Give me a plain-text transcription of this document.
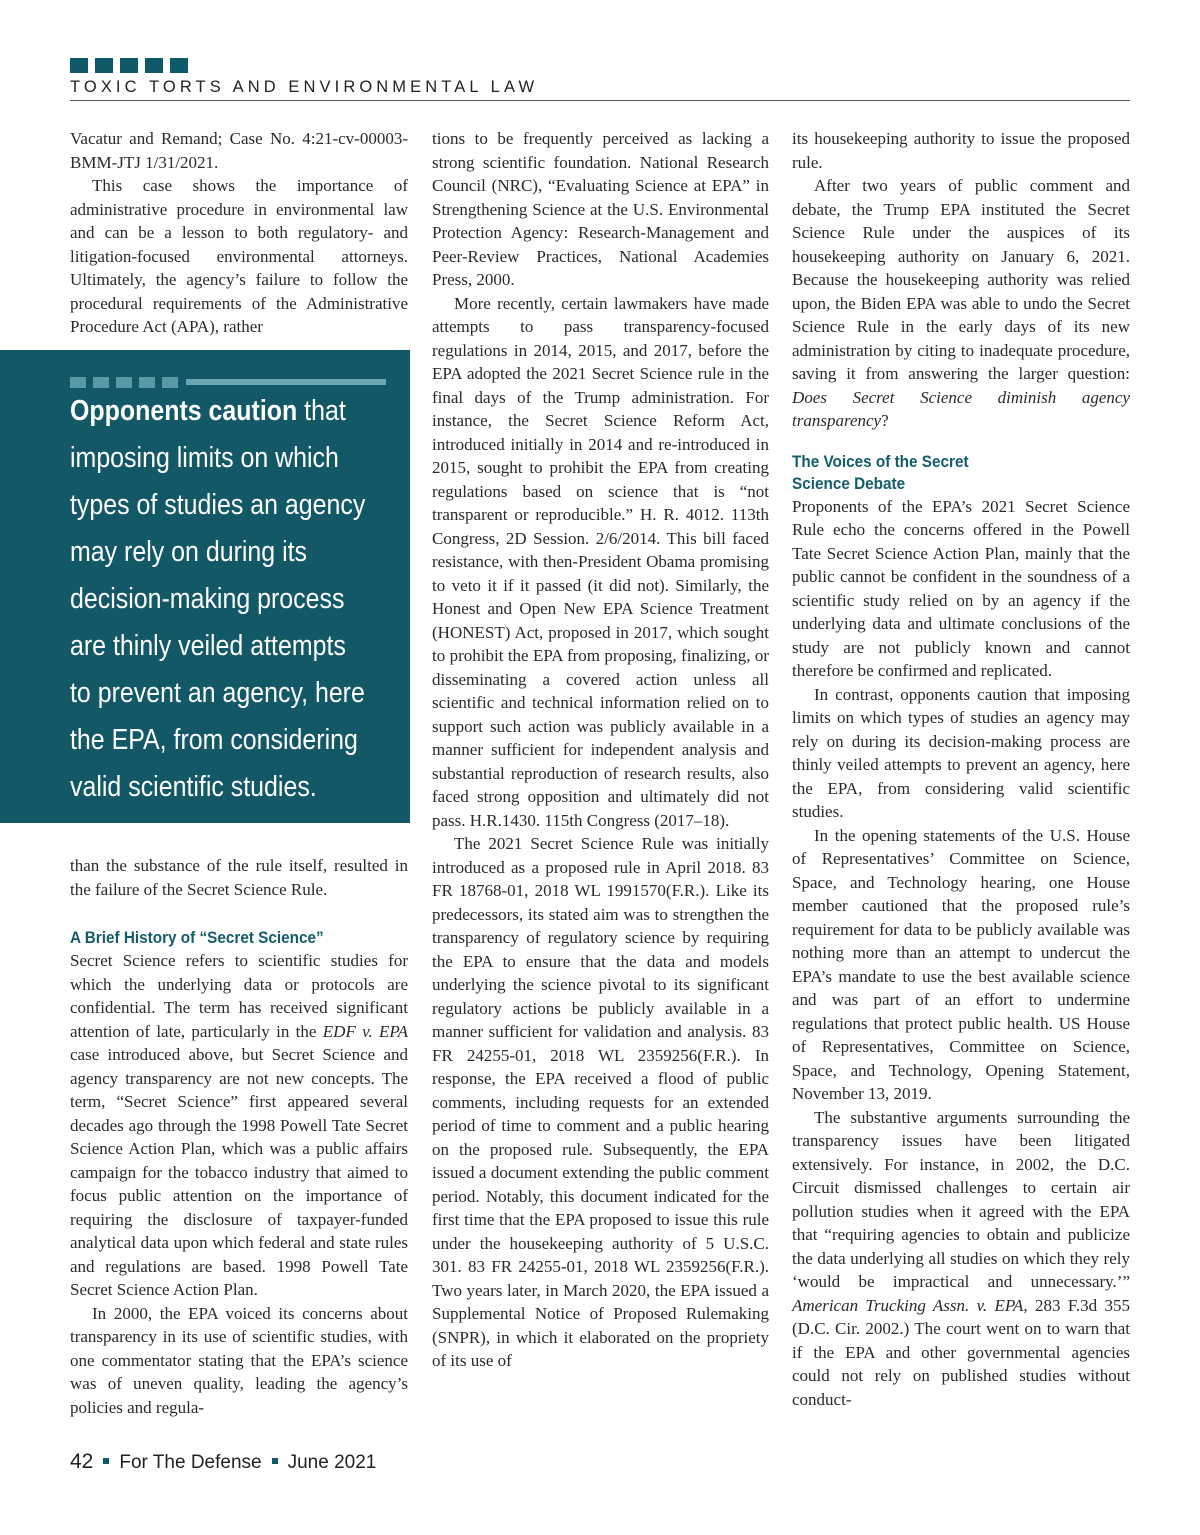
TOXIC TORTS AND ENVIRONMENTAL LAW

Vacatur and Remand; Case No. 4:21-cv-00003-BMM-JTJ 1/31/2021.

This case shows the importance of administrative procedure in environmental law and can be a lesson to both regulatory- and litigation-focused environmental attorneys. Ultimately, the agency’s failure to follow the procedural requirements of the Administrative Procedure Act (APA), rather

Opponents caution that
imposing limits on which
types of studies an agency
may rely on during its
decision-making process
are thinly veiled attempts
to prevent an agency, here
the EPA, from considering
valid scientific studies.

than the substance of the rule itself, resulted in the failure of the Secret Science Rule.

A Brief History of “Secret Science”

Secret Science refers to scientific studies for which the underlying data or protocols are confidential. The term has received significant attention of late, particularly in the EDF v. EPA case introduced above, but Secret Science and agency transparency are not new concepts. The term, “Secret Science” first appeared several decades ago through the 1998 Powell Tate Secret Science Action Plan, which was a public affairs campaign for the tobacco industry that aimed to focus public attention on the importance of requiring the disclosure of taxpayer-funded analytical data upon which federal and state rules and regulations are based. 1998 Powell Tate Secret Science Action Plan.

In 2000, the EPA voiced its concerns about transparency in its use of scientific studies, with one commentator stating that the EPA’s science was of uneven quality, leading the agency’s policies and regula-

tions to be frequently perceived as lacking a strong scientific foundation. National Research Council (NRC), “Evaluating Science at EPA” in Strengthening Science at the U.S. Environmental Protection Agency: Research-Management and Peer-Review Practices, National Academies Press, 2000.

More recently, certain lawmakers have made attempts to pass transparency-focused regulations in 2014, 2015, and 2017, before the EPA adopted the 2021 Secret Science rule in the final days of the Trump administration. For instance, the Secret Science Reform Act, introduced initially in 2014 and re-introduced in 2015, sought to prohibit the EPA from creating regulations based on science that is “not transparent or reproducible.” H. R. 4012. 113th Congress, 2D Session. 2/6/2014. This bill faced resistance, with then-President Obama promising to veto it if it passed (it did not). Similarly, the Honest and Open New EPA Science Treatment (HONEST) Act, proposed in 2017, which sought to prohibit the EPA from proposing, finalizing, or disseminating a covered action unless all scientific and technical information relied on to support such action was publicly available in a manner sufficient for independent analysis and substantial reproduction of research results, also faced strong opposition and ultimately did not pass. H.R.1430. 115th Congress (2017–18).

The 2021 Secret Science Rule was initially introduced as a proposed rule in April 2018. 83 FR 18768-01, 2018 WL 1991570(F.R.). Like its predecessors, its stated aim was to strengthen the transparency of regulatory science by requiring the EPA to ensure that the data and models underlying the science pivotal to its significant regulatory actions be publicly available in a manner sufficient for validation and analysis. 83 FR 24255-01, 2018 WL 2359256(F.R.). In response, the EPA received a flood of public comments, including requests for an extended period of time to comment and a public hearing on the proposed rule. Subsequently, the EPA issued a document extending the public comment period. Notably, this document indicated for the first time that the EPA proposed to issue this rule under the housekeeping authority of 5 U.S.C. 301. 83 FR 24255-01, 2018 WL 2359256(F.R.). Two years later, in March 2020, the EPA issued a Supplemental Notice of Proposed Rulemaking (SNPR), in which it elaborated on the propriety of its use of

its housekeeping authority to issue the proposed rule.

After two years of public comment and debate, the Trump EPA instituted the Secret Science Rule under the auspices of its housekeeping authority on January 6, 2021. Because the housekeeping authority was relied upon, the Biden EPA was able to undo the Secret Science Rule in the early days of its new administration by citing to inadequate procedure, saving it from answering the larger question: Does Secret Science diminish agency transparency?

The Voices of the Secret
Science Debate

Proponents of the EPA’s 2021 Secret Science Rule echo the concerns offered in the Powell Tate Secret Science Action Plan, mainly that the public cannot be confident in the soundness of a scientific study relied on by an agency if the underlying data and ultimate conclusions of the study are not publicly known and cannot therefore be confirmed and replicated.

In contrast, opponents caution that imposing limits on which types of studies an agency may rely on during its decision-making process are thinly veiled attempts to prevent an agency, here the EPA, from considering valid scientific studies.

In the opening statements of the U.S. House of Representatives’ Committee on Science, Space, and Technology hearing, one House member cautioned that the proposed rule’s requirement for data to be publicly available was nothing more than an attempt to undercut the EPA’s mandate to use the best available science and was part of an effort to undermine regulations that protect public health. US House of Representatives, Committee on Science, Space, and Technology, Opening Statement, November 13, 2019.

The substantive arguments surrounding the transparency issues have been litigated extensively. For instance, in 2002, the D.C. Circuit dismissed challenges to certain air pollution studies when it agreed with the EPA that “requiring agencies to obtain and publicize the data underlying all studies on which they rely ‘would be impractical and unnecessary.’” American Trucking Assn. v. EPA, 283 F.3d 355 (D.C. Cir. 2002.) The court went on to warn that if the EPA and other governmental agencies could not rely on published studies without conduct-

42 For The Defense June 2021
